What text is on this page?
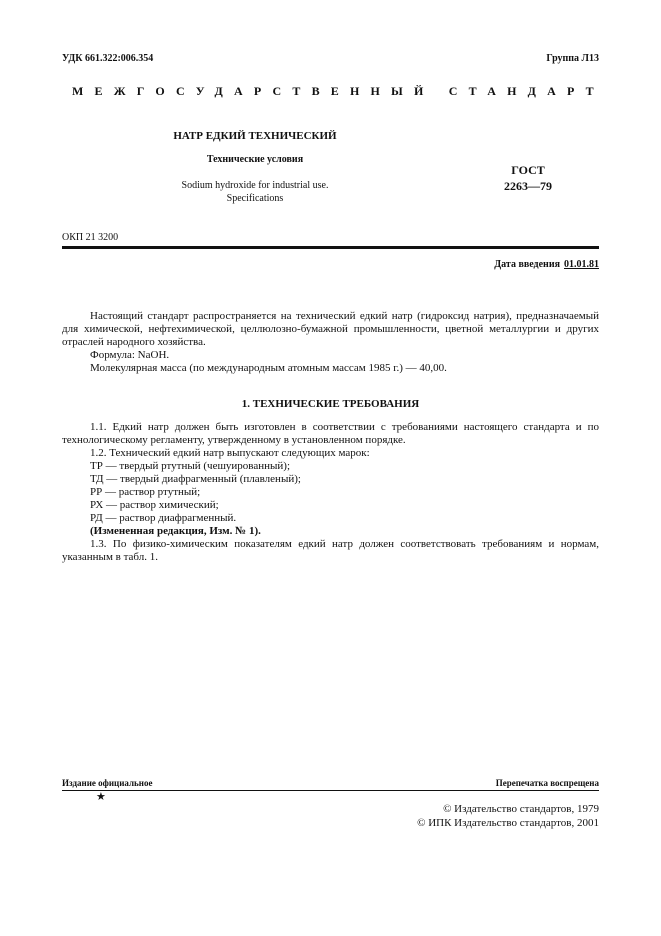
УДК 661.322:006.354	Группа Л13
МЕЖГОСУДАРСТВЕННЫЙ СТАНДАРТ
НАТР ЕДКИЙ ТЕХНИЧЕСКИЙ
Технические условия
Sodium hydroxide for industrial use.
Specifications
ГОСТ
2263—79
ОКП 21 3200
Дата введения 01.01.81

Настоящий стандарт распространяется на технический едкий натр (гидроксид натрия), предназначаемый для химической, нефтехимической, целлюлозно-бумажной промышленности, цветной металлургии и других отраслей народного хозяйства.

Формула: NaOH.

Молекулярная масса (по международным атомным массам 1985 г.) — 40,00.

1. ТЕХНИЧЕСКИЕ ТРЕБОВАНИЯ

1.1. Едкий натр должен быть изготовлен в соответствии с требованиями настоящего стандарта и по технологическому регламенту, утвержденному в установленном порядке.

1.2. Технический едкий натр выпускают следующих марок:

ТР — твердый ртутный (чешуированный);

ТД — твердый диафрагменный (плавленый);

РР — раствор ртутный;

РХ — раствор химический;

РД — раствор диафрагменный.

(Измененная редакция, Изм. № 1).

1.3. По физико-химическим показателям едкий натр должен соответствовать требованиям и нормам, указанным в табл. 1.

Издание официальное
★
Перепечатка воспрещена
© Издательство стандартов, 1979
© ИПК Издательство стандартов, 2001
